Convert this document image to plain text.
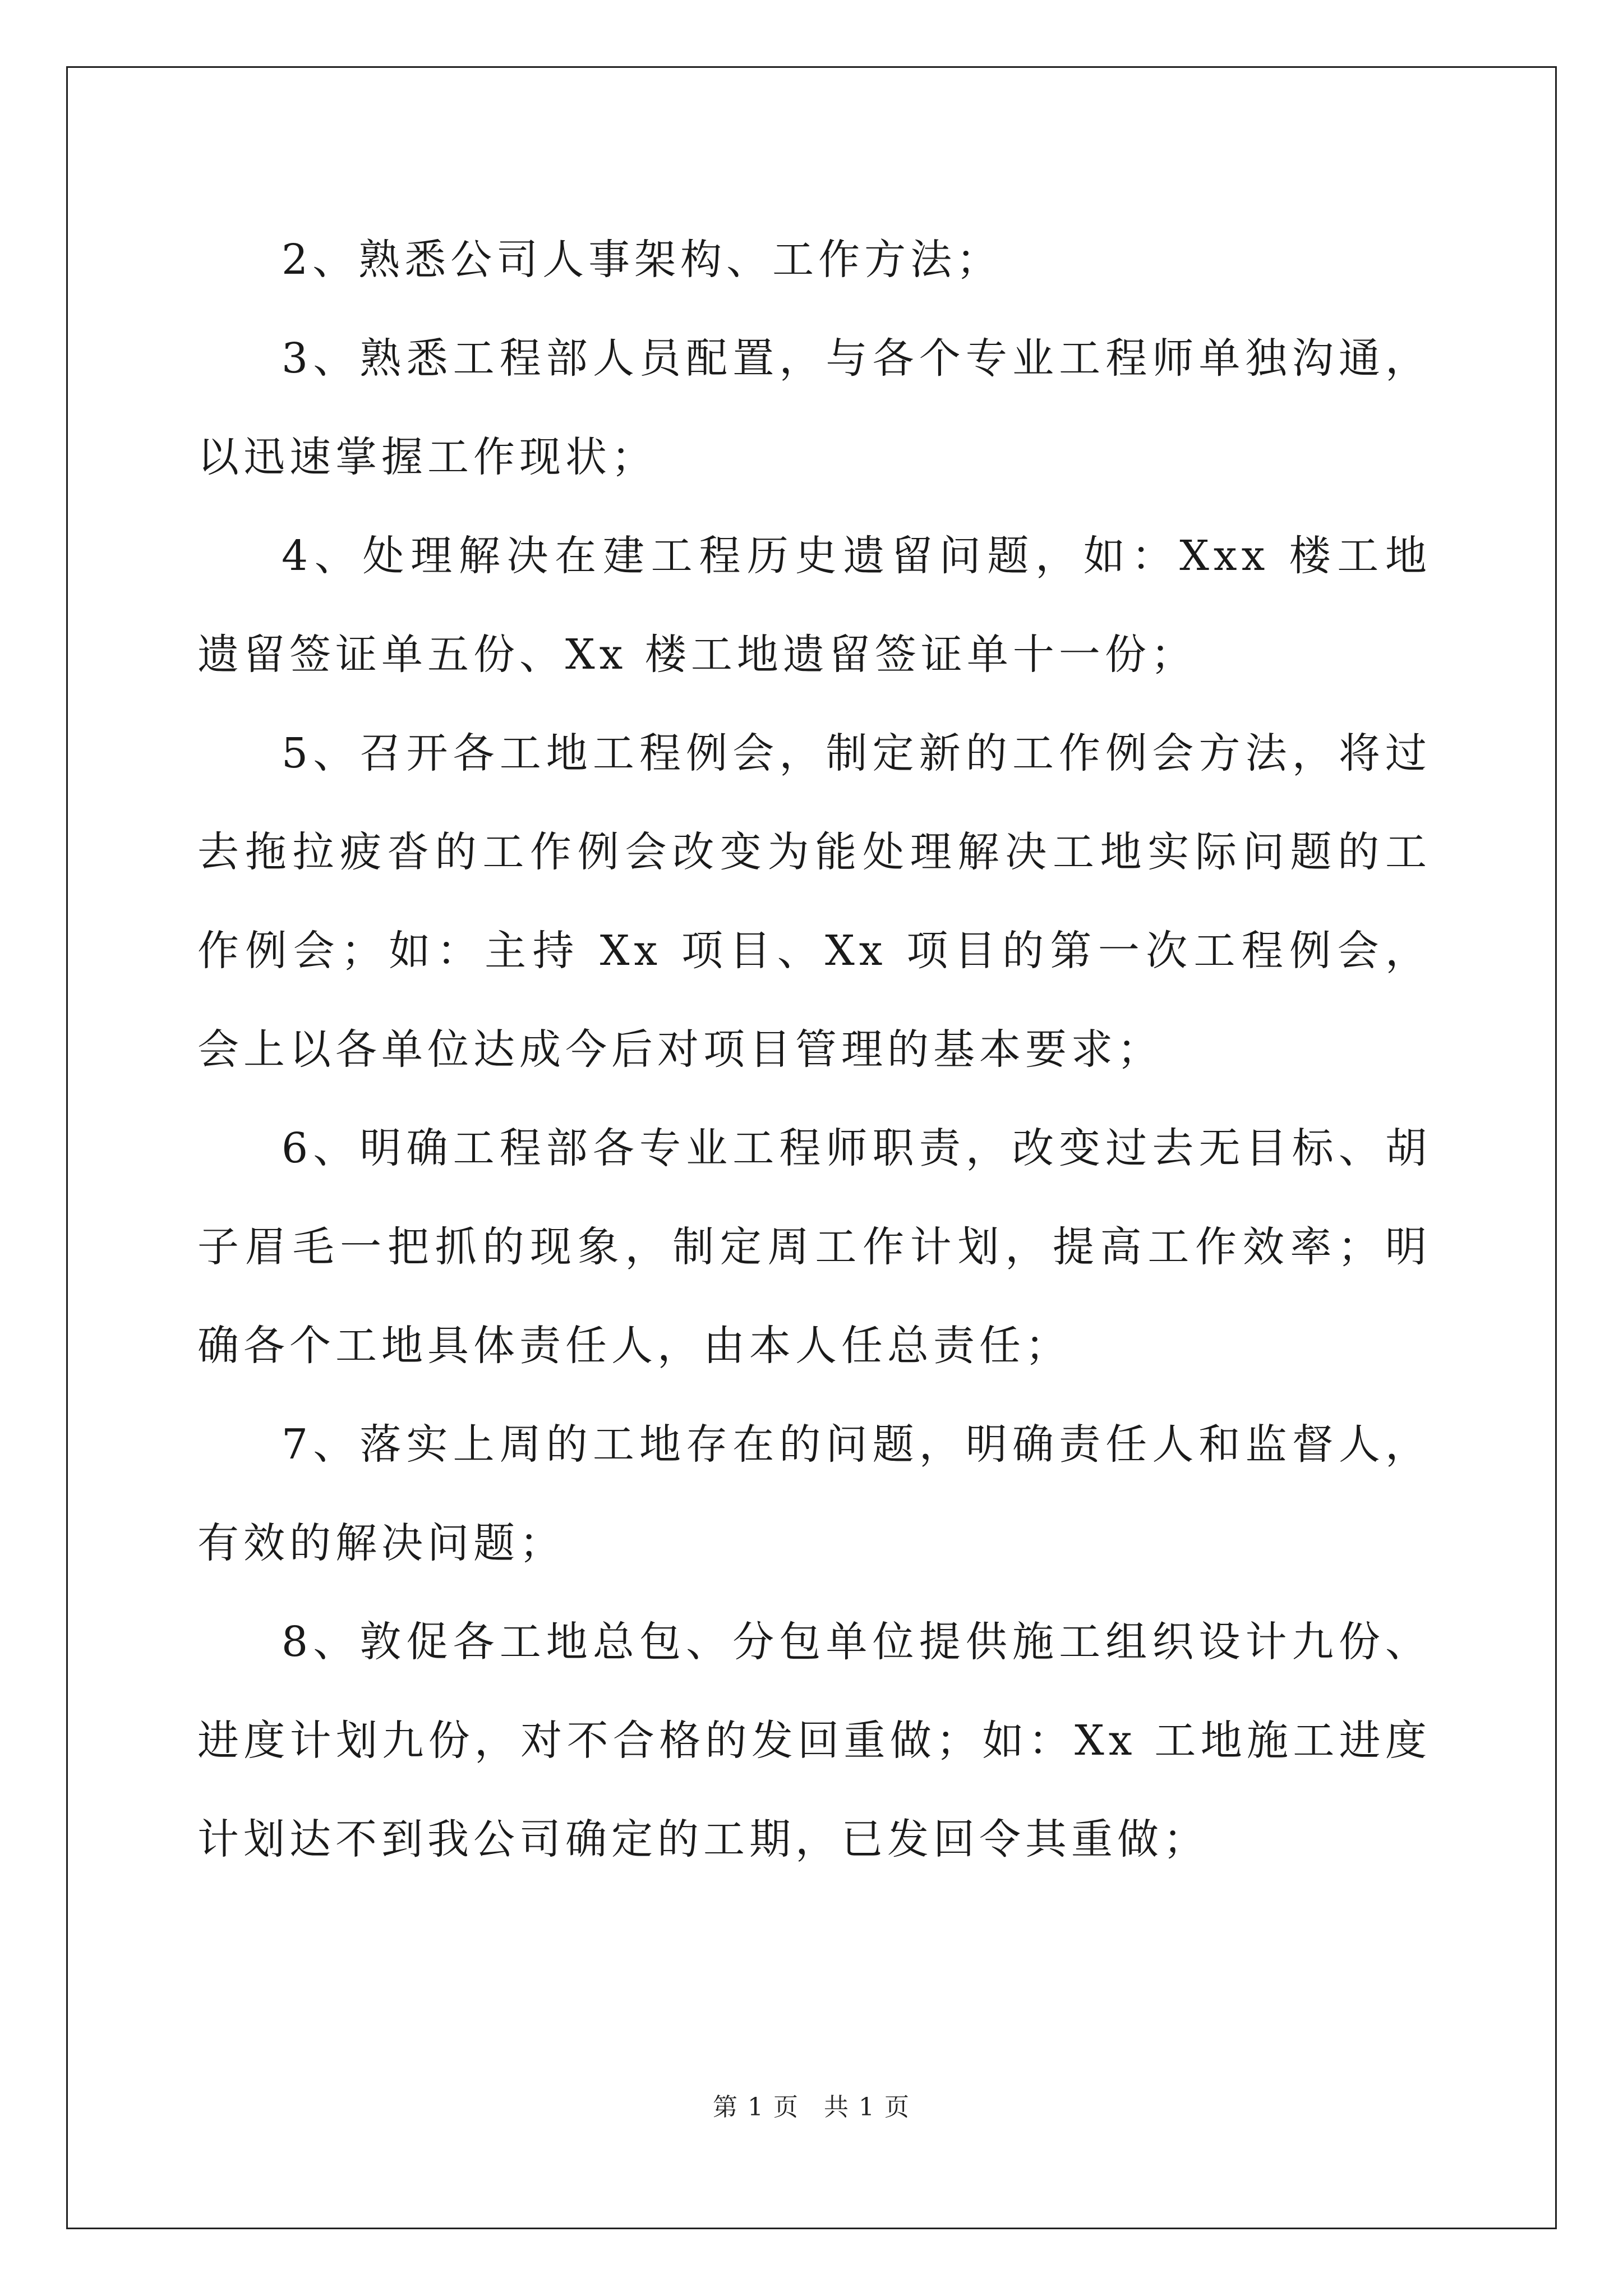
2、熟悉公司人事架构、工作方法；

3、熟悉工程部人员配置，与各个专业工程师单独沟通，以迅速掌握工作现状；

4、处理解决在建工程历史遗留问题，如：Xxx 楼工地遗留签证单五份、Xx 楼工地遗留签证单十一份；

5、召开各工地工程例会，制定新的工作例会方法，将过去拖拉疲沓的工作例会改变为能处理解决工地实际问题的工作例会；如：主持 Xx 项目、Xx 项目的第一次工程例会，会上以各单位达成今后对项目管理的基本要求；

6、明确工程部各专业工程师职责，改变过去无目标、胡子眉毛一把抓的现象，制定周工作计划，提高工作效率；明确各个工地具体责任人，由本人任总责任；

7、落实上周的工地存在的问题，明确责任人和监督人，有效的解决问题；

8、敦促各工地总包、分包单位提供施工组织设计九份、进度计划九份，对不合格的发回重做；如：Xx 工地施工进度计划达不到我公司确定的工期，已发回令其重做；

第 1 页 共 1 页
